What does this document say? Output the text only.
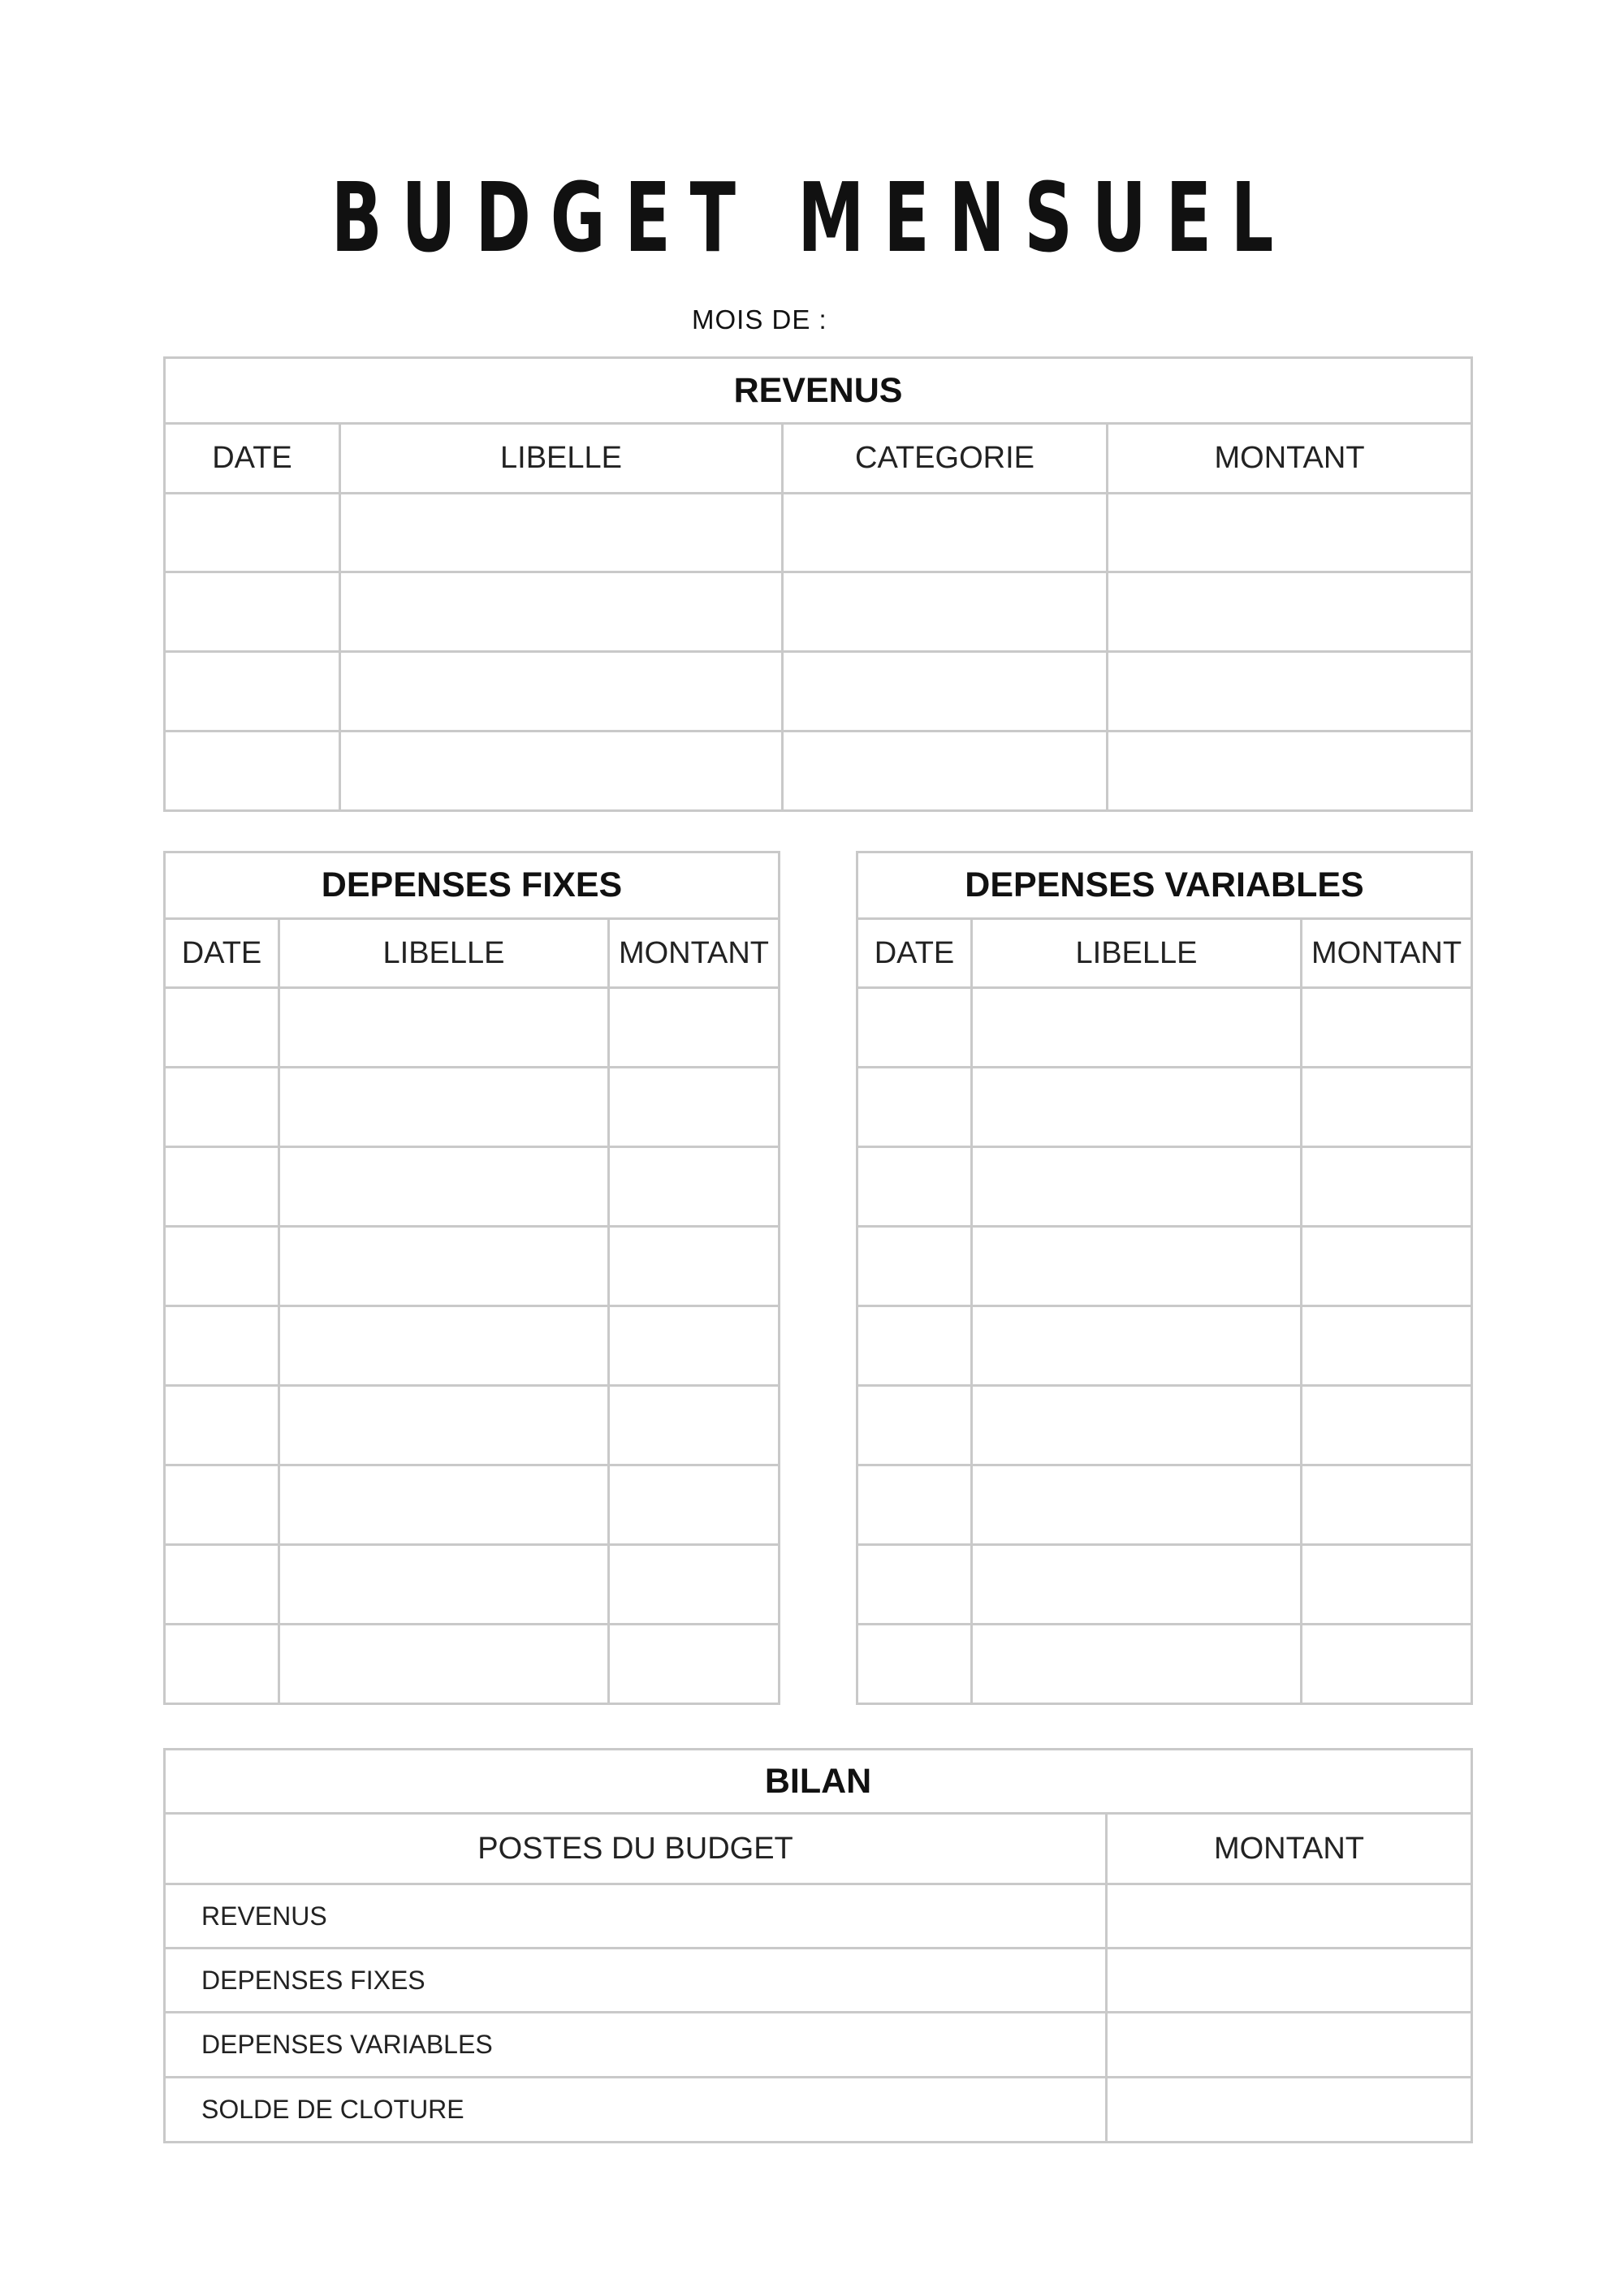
BUDGET MENSUEL
MOIS DE :
REVENUS			
DATE	LIBELLE	CATEGORIE	MONTANT

DEPENSES FIXES		
DATE	LIBELLE	MONTANT

DEPENSES VARIABLES		
DATE	LIBELLE	MONTANT

BILAN	
POSTES DU BUDGET	MONTANT
REVENUS	
DEPENSES FIXES	
DEPENSES VARIABLES	
SOLDE DE CLOTURE	
